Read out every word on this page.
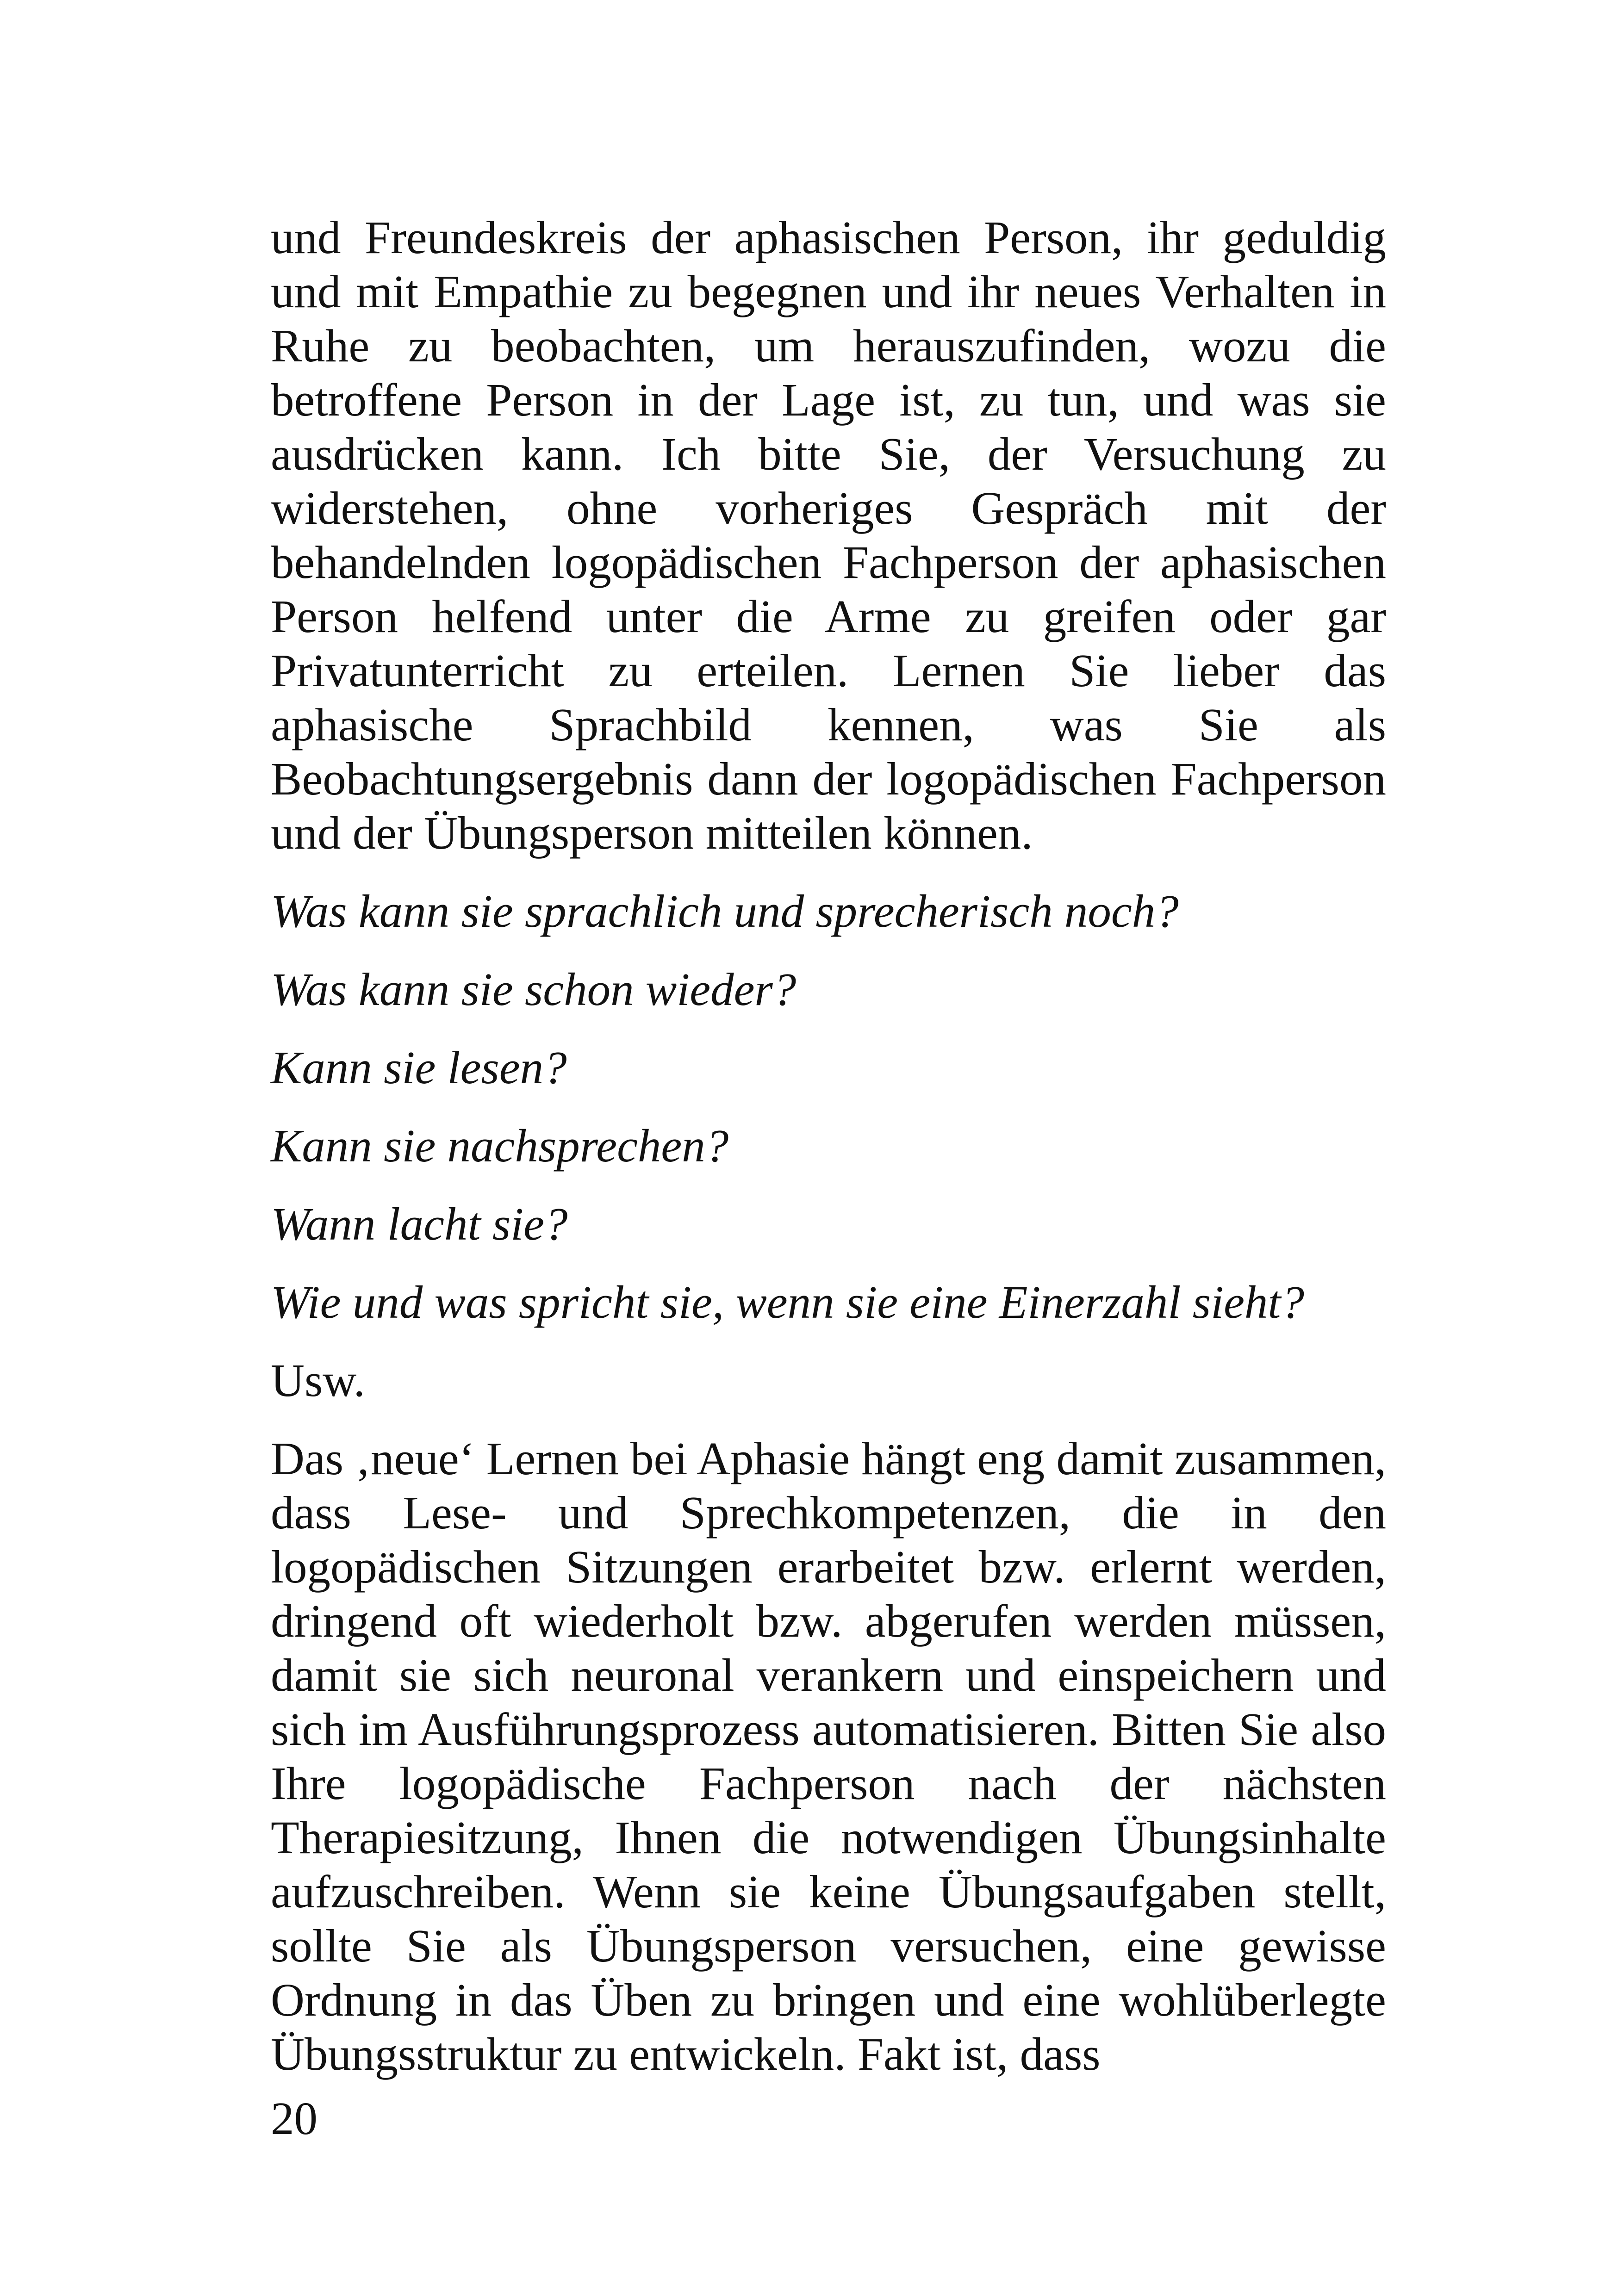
und Freundeskreis der aphasischen Person, ihr geduldig und mit Empathie zu begegnen und ihr neues Verhalten in Ruhe zu beobachten, um herauszufinden, wozu die betroffene Person in der Lage ist, zu tun, und was sie ausdrücken kann. Ich bitte Sie, der Versuchung zu widerstehen, ohne vorheriges Gespräch mit der behandelnden logopädischen Fachperson der aphasischen Person helfend unter die Arme zu greifen oder gar Privatunterricht zu erteilen. Lernen Sie lieber das aphasische Sprachbild kennen, was Sie als Beobachtungsergebnis dann der logopädischen Fachperson und der Übungsperson mitteilen können.

Was kann sie sprachlich und sprecherisch noch?

Was kann sie schon wieder?

Kann sie lesen?

Kann sie nachsprechen?

Wann lacht sie?

Wie und was spricht sie, wenn sie eine Einerzahl sieht?

Usw.

Das ‚neue‘ Lernen bei Aphasie hängt eng damit zusammen, dass Lese- und Sprechkompetenzen, die in den logopädischen Sitzungen erarbeitet bzw. erlernt werden, dringend oft wiederholt bzw. abgerufen werden müssen, damit sie sich neuronal verankern und einspeichern und sich im Ausführungsprozess automatisieren. Bitten Sie also Ihre logopädische Fachperson nach der nächsten Therapiesitzung, Ihnen die notwendigen Übungsinhalte aufzuschreiben. Wenn sie keine Übungsaufgaben stellt, sollte Sie als Übungsperson versuchen, eine gewisse Ordnung in das Üben zu bringen und eine wohlüberlegte Übungsstruktur zu entwickeln. Fakt ist, dass

20
